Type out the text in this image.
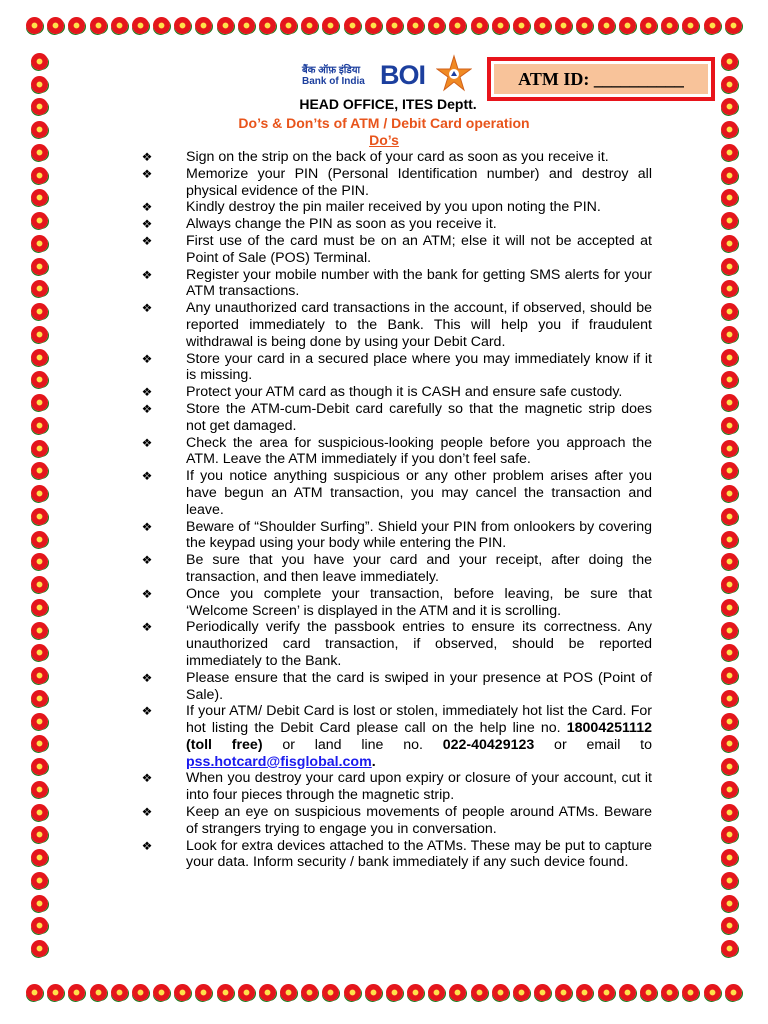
बैंक ऑफ़ इंडिया
Bank of India BOI	ATM ID: __________
HEAD OFFICE, ITES Deptt.
Do’s & Don’ts of ATM / Debit Card operation
Do’s
❖ Sign on the strip on the back of your card as soon as you receive it.
❖ Memorize your PIN (Personal Identification number) and destroy all physical evidence of the PIN.
❖ Kindly destroy the pin mailer received by you upon noting the PIN.
❖ Always change the PIN as soon as you receive it.
❖ First use of the card must be on an ATM; else it will not be accepted at Point of Sale (POS) Terminal.
❖ Register your mobile number with the bank for getting SMS alerts for your ATM transactions.
❖ Any unauthorized card transactions in the account, if observed, should be reported immediately to the Bank. This will help you if fraudulent withdrawal is being done by using your Debit Card.
❖ Store your card in a secured place where you may immediately know if it is missing.
❖ Protect your ATM card as though it is CASH and ensure safe custody.
❖ Store the ATM-cum-Debit card carefully so that the magnetic strip does not get damaged.
❖ Check the area for suspicious-looking people before you approach the ATM. Leave the ATM immediately if you don’t feel safe.
❖ If you notice anything suspicious or any other problem arises after you have begun an ATM transaction, you may cancel the transaction and leave.
❖ Beware of “Shoulder Surfing”. Shield your PIN from onlookers by covering the keypad using your body while entering the PIN.
❖ Be sure that you have your card and your receipt, after doing the transaction, and then leave immediately.
❖ Once you complete your transaction, before leaving, be sure that ‘Welcome Screen’ is displayed in the ATM and it is scrolling.
❖ Periodically verify the passbook entries to ensure its correctness. Any unauthorized card transaction, if observed, should be reported immediately to the Bank.
❖ Please ensure that the card is swiped in your presence at POS (Point of Sale).
❖ If your ATM/ Debit Card is lost or stolen, immediately hot list the Card. For hot listing the Debit Card please call on the help line no. 18004251112 (toll free) or land line no. 022-40429123 or email to pss.hotcard@fisglobal.com.
❖ When you destroy your card upon expiry or closure of your account, cut it into four pieces through the magnetic strip.
❖ Keep an eye on suspicious movements of people around ATMs. Beware of strangers trying to engage you in conversation.
❖ Look for extra devices attached to the ATMs. These may be put to capture your data. Inform security / bank immediately if any such device found.
